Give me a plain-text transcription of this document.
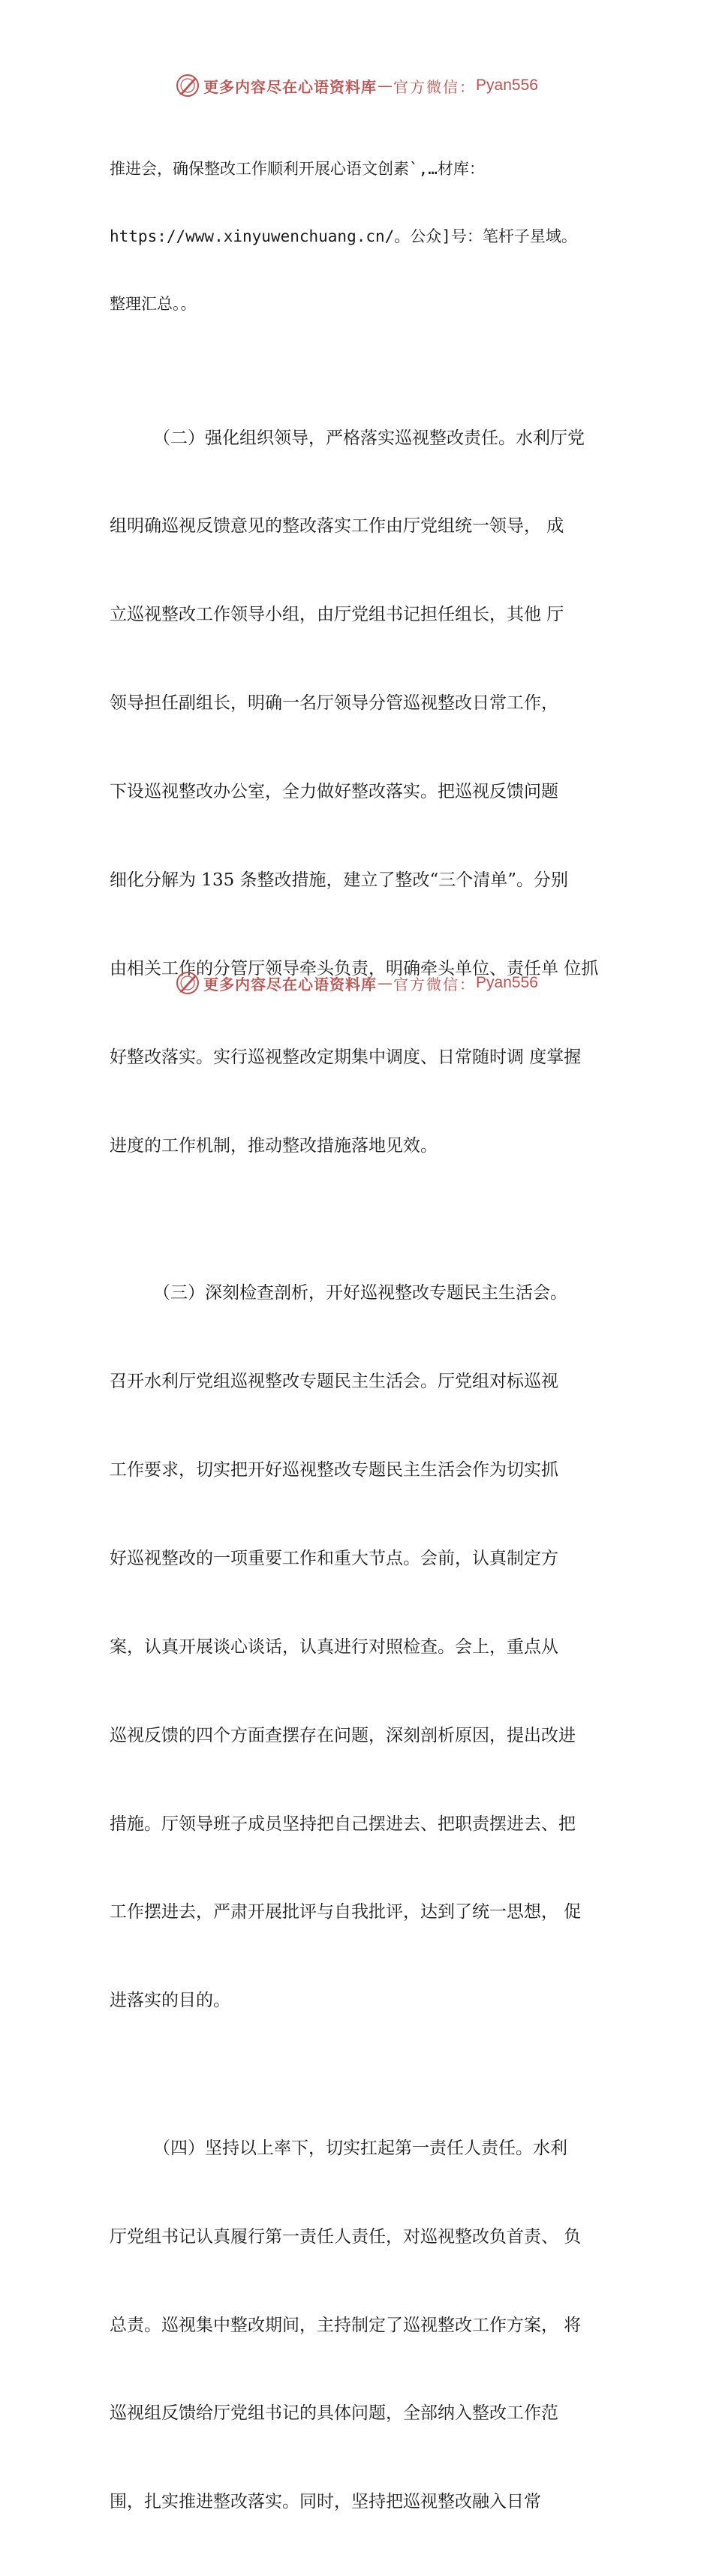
更多内容尽在心语资料库 — 官方微信： Pyan556

推进会，确保整改工作顺利开展心语文创素`,…材库：

https://www.xinyuwenchuang.cn/。公众]号：笔杆子星域。

整理汇总。。

（二）强化组织领导，严格落实巡视整改责任。水利厅党

组明确巡视反馈意见的整改落实工作由厅党组统一领导， 成

立巡视整改工作领导小组，由厅党组书记担任组长，其他 厅

领导担任副组长，明确一名厅领导分管巡视整改日常工作，

下设巡视整改办公室，全力做好整改落实。把巡视反馈问题

细化分解为 135 条整改措施，建立了整改“三个清单”。分别

由相关工作的分管厅领导牵头负责，明确牵头单位、责任单 位抓

好整改落实。实行巡视整改定期集中调度、日常随时调 度掌握

进度的工作机制，推动整改措施落地见效。

（三）深刻检查剖析，开好巡视整改专题民主生活会。

召开水利厅党组巡视整改专题民主生活会。厅党组对标巡视

工作要求，切实把开好巡视整改专题民主生活会作为切实抓

好巡视整改的一项重要工作和重大节点。会前，认真制定方

案，认真开展谈心谈话，认真进行对照检查。会上，重点从

巡视反馈的四个方面查摆存在问题，深刻剖析原因，提出改进

措施。厅领导班子成员坚持把自己摆进去、把职责摆进去、把

工作摆进去，严肃开展批评与自我批评，达到了统一思想， 促

进落实的目的。

（四）坚持以上率下，切实扛起第一责任人责任。水利

厅党组书记认真履行第一责任人责任，对巡视整改负首责、 负

总责。巡视集中整改期间，主持制定了巡视整改工作方案， 将

巡视组反馈给厅党组书记的具体问题，全部纳入整改工作范

围，扎实推进整改落实。同时，坚持把巡视整改融入日常

更多内容尽在心语资料库 — 官方微信： Pyan556
